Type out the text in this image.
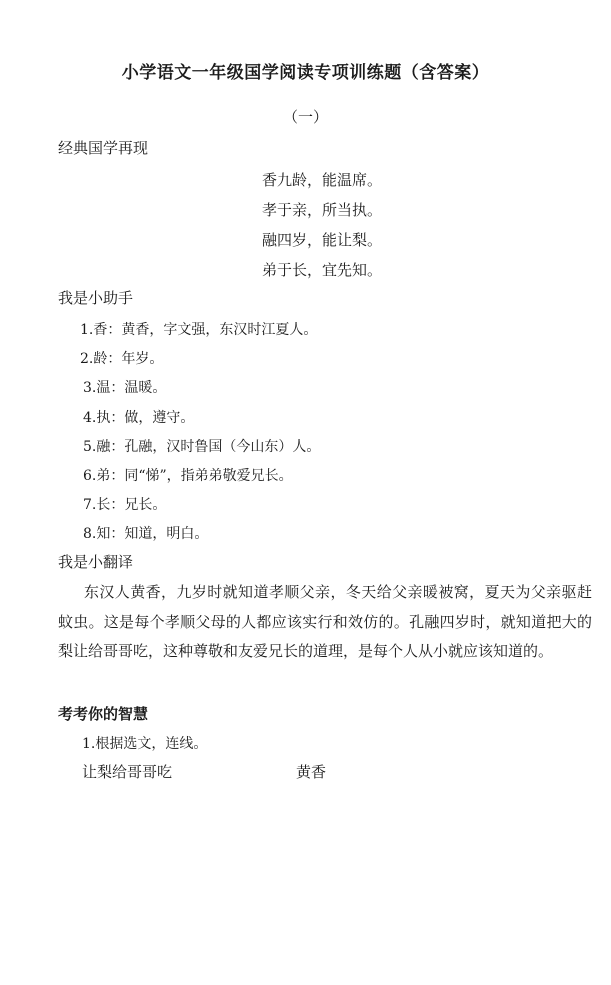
小学语文一年级国学阅读专项训练题（含答案）
（一）
经典国学再现
香九龄，能温席。
孝于亲，所当执。
融四岁，能让梨。
弟于长，宜先知。
我是小助手
1.香：黄香，字文强，东汉时江夏人。
2.龄：年岁。
3.温：温暖。
4.执：做，遵守。
5.融：孔融，汉时鲁国（今山东）人。
6.弟：同“悌”，指弟弟敬爱兄长。
7.长：兄长。
8.知：知道，明白。
我是小翻译
东汉人黄香，九岁时就知道孝顺父亲，冬天给父亲暖被窝，夏天为父亲驱赶蚊虫。这是每个孝顺父母的人都应该实行和效仿的。孔融四岁时，就知道把大的梨让给哥哥吃，这种尊敬和友爱兄长的道理，是每个人从小就应该知道的。
考考你的智慧
1.根据选文，连线。
让梨给哥哥吃	黄香
